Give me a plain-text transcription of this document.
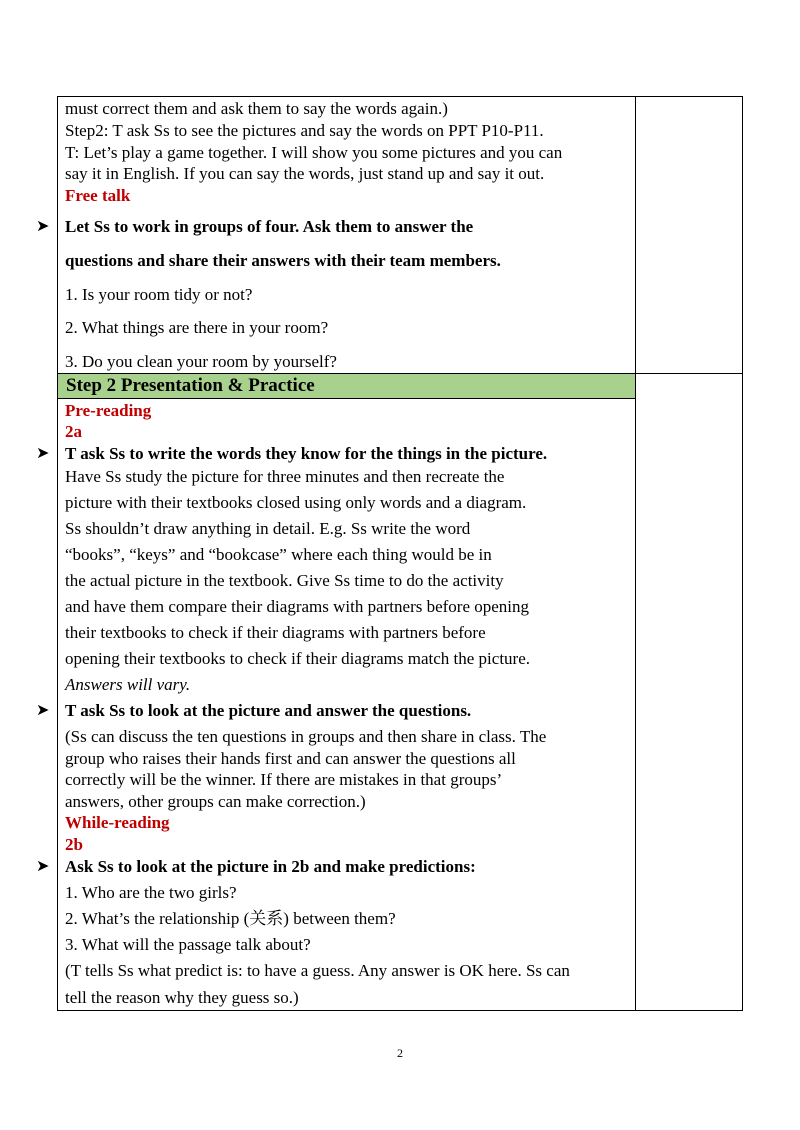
must correct them and ask them to say the words again.)
Step2: T ask Ss to see the pictures and say the words on PPT P10-P11.
T: Let’s play a game together. I will show you some pictures and you can
say it in English. If you can say the words, just stand up and say it out.
Free talk
➤ Let Ss to work in groups of four. Ask them to answer the
questions and share their answers with their team members.
1. Is your room tidy or not?
2. What things are there in your room?
3. Do you clean your room by yourself?
Step 2 Presentation & Practice
Pre-reading
2a
➤ T ask Ss to write the words they know for the things in the picture.
Have Ss study the picture for three minutes and then recreate the
picture with their textbooks closed using only words and a diagram.
Ss shouldn’t draw anything in detail. E.g. Ss write the word
“books”, “keys” and “bookcase” where each thing would be in
the actual picture in the textbook. Give Ss time to do the activity
and have them compare their diagrams with partners before opening
their textbooks to check if their diagrams with partners before
opening their textbooks to check if their diagrams match the picture.
Answers will vary.
➤ T ask Ss to look at the picture and answer the questions.
(Ss can discuss the ten questions in groups and then share in class. The
group who raises their hands first and can answer the questions all
correctly will be the winner. If there are mistakes in that groups’
answers, other groups can make correction.)
While-reading
2b
➤ Ask Ss to look at the picture in 2b and make predictions:
1. Who are the two girls?
2. What’s the relationship (关系) between them?
3. What will the passage talk about?
(T tells Ss what predict is: to have a guess. Any answer is OK here. Ss can
tell the reason why they guess so.)
2
